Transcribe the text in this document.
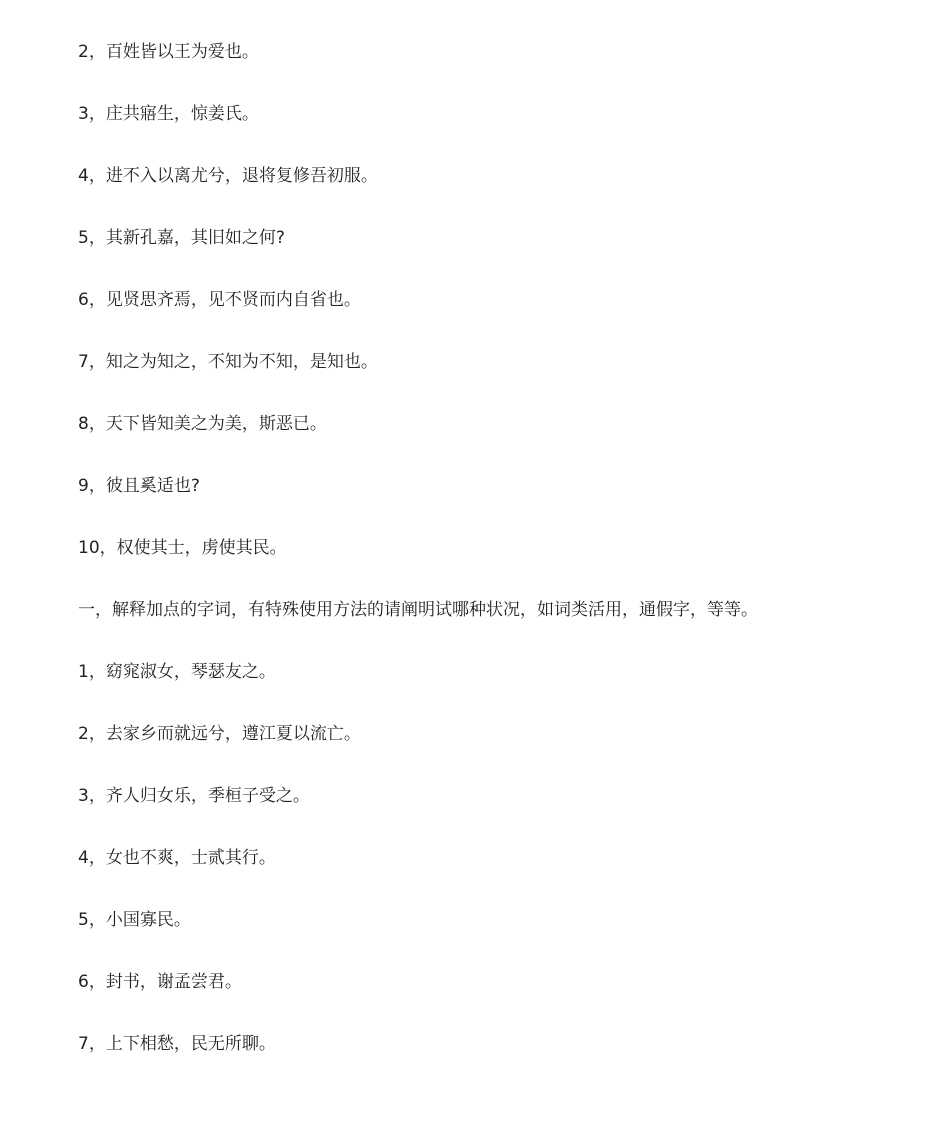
2，百姓皆以王为爱也。
3，庄共寤生，惊姜氏。
4，进不入以离尤兮，退将复修吾初服。
5，其新孔嘉，其旧如之何?
6，见贤思齐焉，见不贤而内自省也。
7，知之为知之，不知为不知，是知也。
8，天下皆知美之为美，斯恶已。
9，彼且奚适也?
10，权使其士，虏使其民。
一，解释加点的字词，有特殊使用方法的请阐明试哪种状况，如词类活用，通假字，等等。
1，窈窕淑女，琴瑟友之。
2，去家乡而就远兮，遵江夏以流亡。
3，齐人归女乐，季桓子受之。
4，女也不爽，士贰其行。
5，小国寡民。
6，封书，谢孟尝君。
7，上下相愁，民无所聊。
